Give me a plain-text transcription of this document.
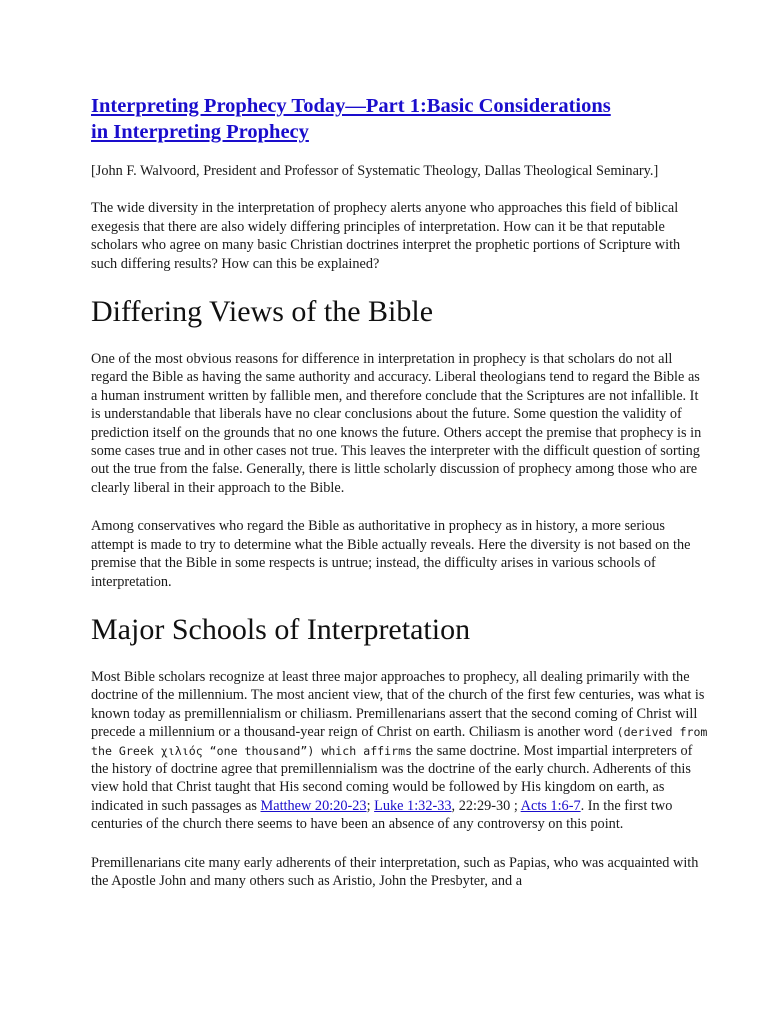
Interpreting Prophecy Today—Part 1:Basic Considerations
in Interpreting Prophecy

[John F. Walvoord, President and Professor of Systematic Theology, Dallas Theological Seminary.]

The wide diversity in the interpretation of prophecy alerts anyone who approaches this field of biblical exegesis that there are also widely differing principles of interpretation. How can it be that reputable scholars who agree on many basic Christian doctrines interpret the prophetic portions of Scripture with such differing results? How can this be explained?

Differing Views of the Bible

One of the most obvious reasons for difference in interpretation in prophecy is that scholars do not all regard the Bible as having the same authority and accuracy. Liberal theologians tend to regard the Bible as a human instrument written by fallible men, and therefore conclude that the Scriptures are not infallible. It is understandable that liberals have no clear conclusions about the future. Some question the validity of prediction itself on the grounds that no one knows the future. Others accept the premise that prophecy is in some cases true and in other cases not true. This leaves the interpreter with the difficult question of sorting out the true from the false. Generally, there is little scholarly discussion of prophecy among those who are clearly liberal in their approach to the Bible.

Among conservatives who regard the Bible as authoritative in prophecy as in history, a more serious attempt is made to try to determine what the Bible actually reveals. Here the diversity is not based on the premise that the Bible in some respects is untrue; instead, the difficulty arises in various schools of interpretation.

Major Schools of Interpretation

Most Bible scholars recognize at least three major approaches to prophecy, all dealing primarily with the doctrine of the millennium. The most ancient view, that of the church of the first few centuries, was what is known today as premillennialism or chiliasm. Premillenarians assert that the second coming of Christ will precede a millennium or a thousand-year reign of Christ on earth. Chiliasm is another word (derived from the Greek χιλιός “one thousand”) which affirms the same doctrine. Most impartial interpreters of the history of doctrine agree that premillennialism was the doctrine of the early church. Adherents of this view hold that Christ taught that His second coming would be followed by His kingdom on earth, as indicated in such passages as Matthew 20:20-23; Luke 1:32-33, 22:29-30 ; Acts 1:6-7. In the first two centuries of the church there seems to have been an absence of any controversy on this point.

Premillenarians cite many early adherents of their interpretation, such as Papias, who was acquainted with the Apostle John and many others such as Aristio, John the Presbyter, and a
